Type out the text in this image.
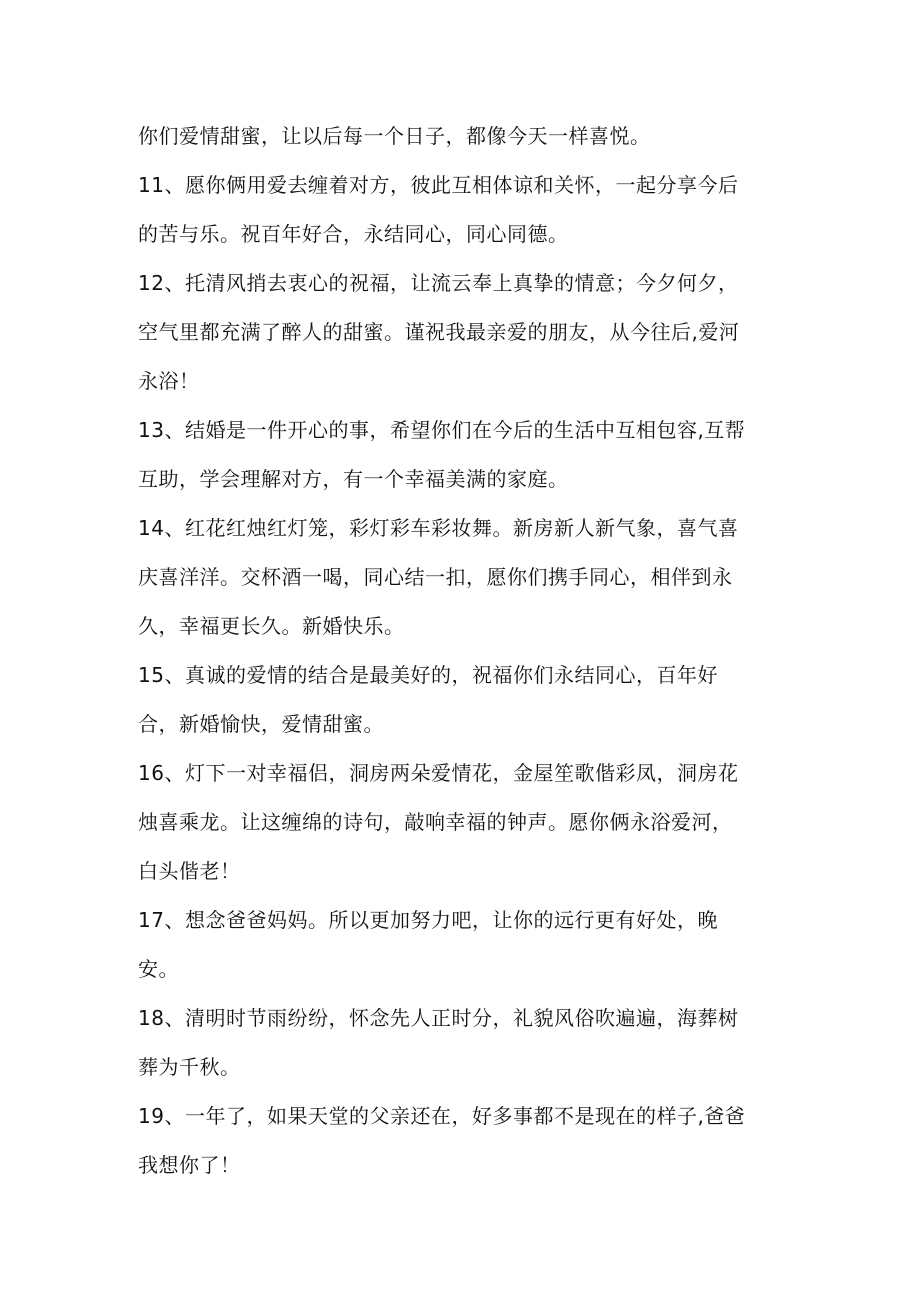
你们爱情甜蜜，让以后每一个日子，都像今天一样喜悦。
11、愿你俩用爱去缠着对方，彼此互相体谅和关怀，一起分享今后
的苦与乐。祝百年好合，永结同心，同心同德。
12、托清风捎去衷心的祝福，让流云奉上真挚的情意；今夕何夕，
空气里都充满了醉人的甜蜜。谨祝我最亲爱的朋友，从今往后,爱河
永浴！
13、结婚是一件开心的事，希望你们在今后的生活中互相包容,互帮
互助，学会理解对方，有一个幸福美满的家庭。
14、红花红烛红灯笼，彩灯彩车彩妆舞。新房新人新气象，喜气喜
庆喜洋洋。交杯酒一喝，同心结一扣，愿你们携手同心，相伴到永
久，幸福更长久。新婚快乐。
15、真诚的爱情的结合是最美好的，祝福你们永结同心，百年好
合，新婚愉快，爱情甜蜜。
16、灯下一对幸福侣，洞房两朵爱情花，金屋笙歌偕彩凤，洞房花
烛喜乘龙。让这缠绵的诗句，敲响幸福的钟声。愿你俩永浴爱河，
白头偕老！
17、想念爸爸妈妈。所以更加努力吧，让你的远行更有好处，晚
安。
18、清明时节雨纷纷，怀念先人正时分，礼貌风俗吹遍遍，海葬树
葬为千秋。
19、一年了，如果天堂的父亲还在，好多事都不是现在的样子,爸爸
我想你了！
